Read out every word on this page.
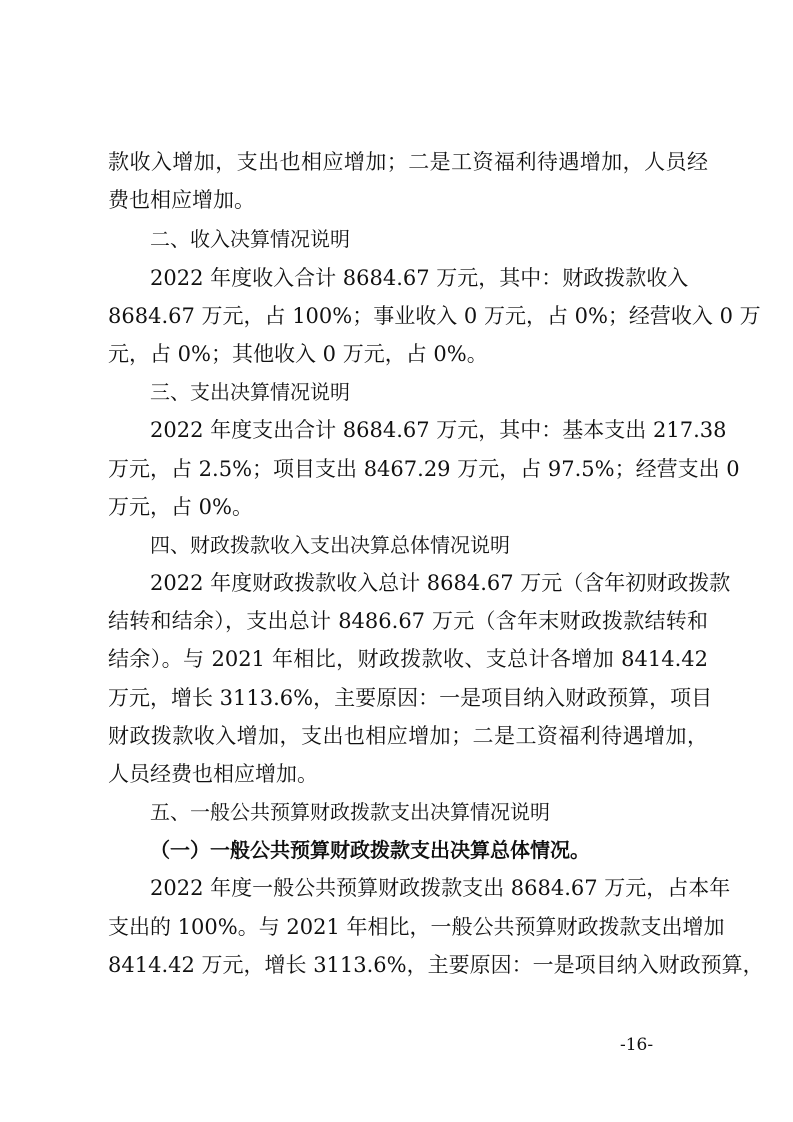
款收入增加，支出也相应增加；二是工资福利待遇增加，人员经
费也相应增加。
二、收入决算情况说明
2022 年度收入合计 8684.67 万元，其中：财政拨款收入
8684.67 万元，占 100%；事业收入 0 万元，占 0%；经营收入 0 万
元，占 0%；其他收入 0 万元，占 0%。
三、支出决算情况说明
2022 年度支出合计 8684.67 万元，其中：基本支出 217.38
万元，占 2.5%；项目支出 8467.29 万元，占 97.5%；经营支出 0
万元，占 0%。
四、财政拨款收入支出决算总体情况说明
2022 年度财政拨款收入总计 8684.67 万元（含年初财政拨款
结转和结余），支出总计 8486.67 万元（含年末财政拨款结转和
结余）。与 2021 年相比，财政拨款收、支总计各增加 8414.42
万元，增长 3113.6%，主要原因：一是项目纳入财政预算，项目
财政拨款收入增加，支出也相应增加；二是工资福利待遇增加，
人员经费也相应增加。
五、一般公共预算财政拨款支出决算情况说明
（一）一般公共预算财政拨款支出决算总体情况。
2022 年度一般公共预算财政拨款支出 8684.67 万元，占本年
支出的 100%。与 2021 年相比，一般公共预算财政拨款支出增加
8414.42 万元，增长 3113.6%，主要原因：一是项目纳入财政预算，
-16-
